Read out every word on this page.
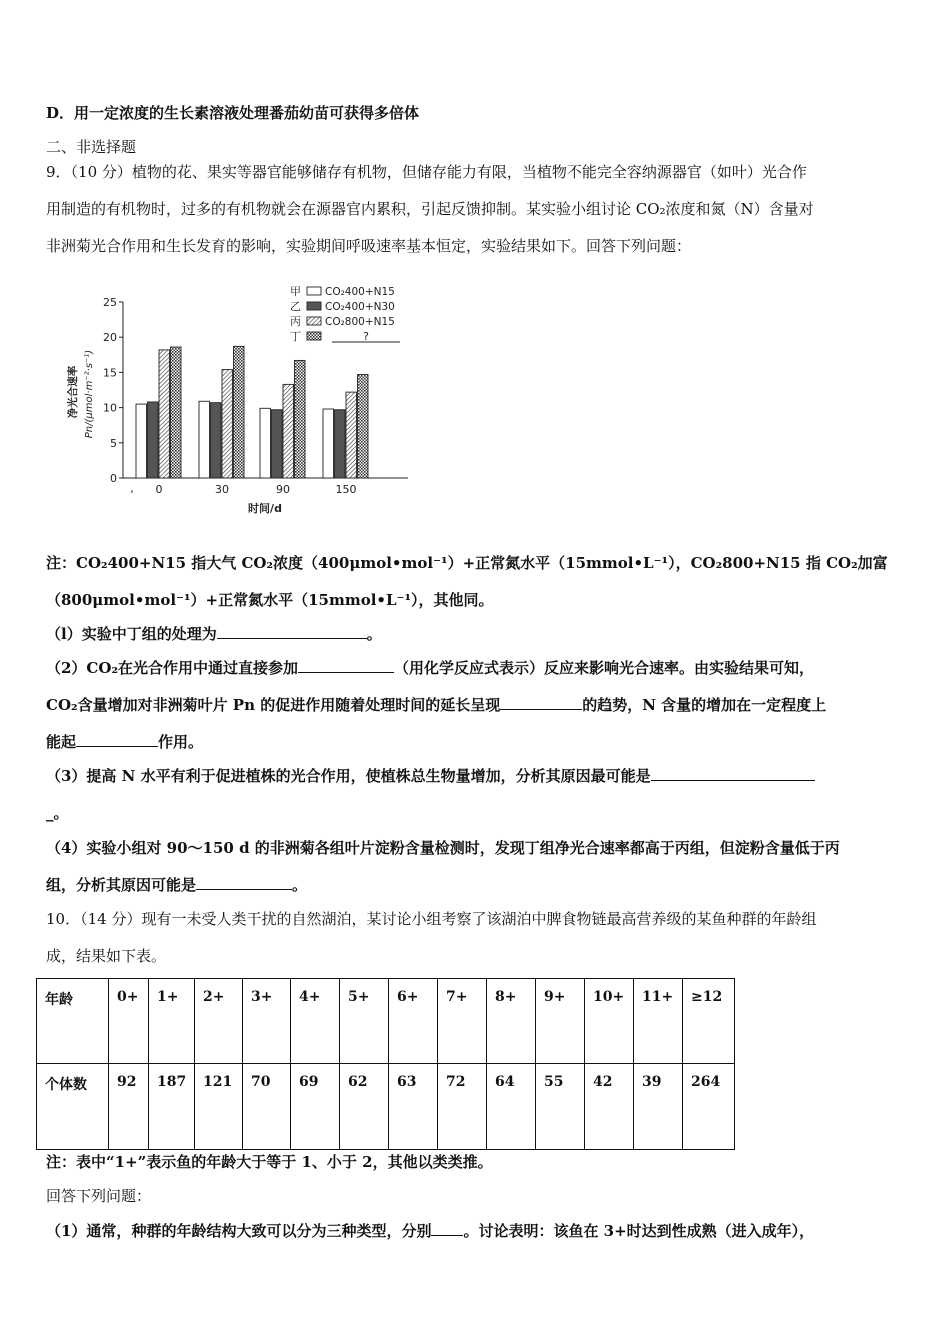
D．用一定浓度的生长素溶液处理番茄幼苗可获得多倍体
二、非选择题
9．（10 分）植物的花、果实等器官能够储存有机物，但储存能力有限，当植物不能完全容纳源器官（如叶）光合作
用制造的有机物时，过多的有机物就会在源器官内累积，引起反馈抑制。某实验小组讨论 CO₂浓度和氮（N）含量对
非洲菊光合作用和生长发育的影响，实验期间呼吸速率基本恒定，实验结果如下。回答下列问题：
0
5
10
15
20
25
0	30	90	150
,
时间/d
净光合速率 Pn/(μmol·m⁻²·s⁻¹)
甲 CO₂400+N15
乙 CO₂400+N30
丙 CO₂800+N15
丁	?
注：CO₂400+N15 指大气 CO₂浓度（400μmol•mol⁻¹）+正常氮水平（15mmol•L⁻¹），CO₂800+N15 指 CO₂加富
（800μmol•mol⁻¹）+正常氮水平（15mmol•L⁻¹），其他同。
（l）实验中丁组的处理为	。
（2）CO₂在光合作用中通过直接参加	（用化学反应式表示）反应来影响光合速率。由实验结果可知，
CO₂含量增加对非洲菊叶片 Pn 的促进作用随着处理时间的延长呈现	的趋势，N 含量的增加在一定程度上
能起	作用。
（3）提高 N 水平有利于促进植株的光合作用，使植株总生物量增加，分析其原因最可能是
_。
（4）实验小组对 90～150 d 的非洲菊各组叶片淀粉含量检测时，发现丁组净光合速率都高于丙组，但淀粉含量低于丙
组，分析其原因可能是	。
10．（14 分）现有一未受人类干扰的自然湖泊，某讨论小组考察了该湖泊中脾食物链最高营养级的某鱼种群的年龄组
成，结果如下表。
年龄	0+	1+	2+	3+	4+	5+	6+	7+	8+	9+	10+	11+	≥12
个体数	92	187	121	70	69	62	63	72	64	55	42	39	264
注：表中“1+”表示鱼的年龄大于等于 1、小于 2，其他以类类推。
回答下列问题：
（1）通常，种群的年龄结构大致可以分为三种类型，分别 。讨论表明：该鱼在 3+时达到性成熟（进入成年），
